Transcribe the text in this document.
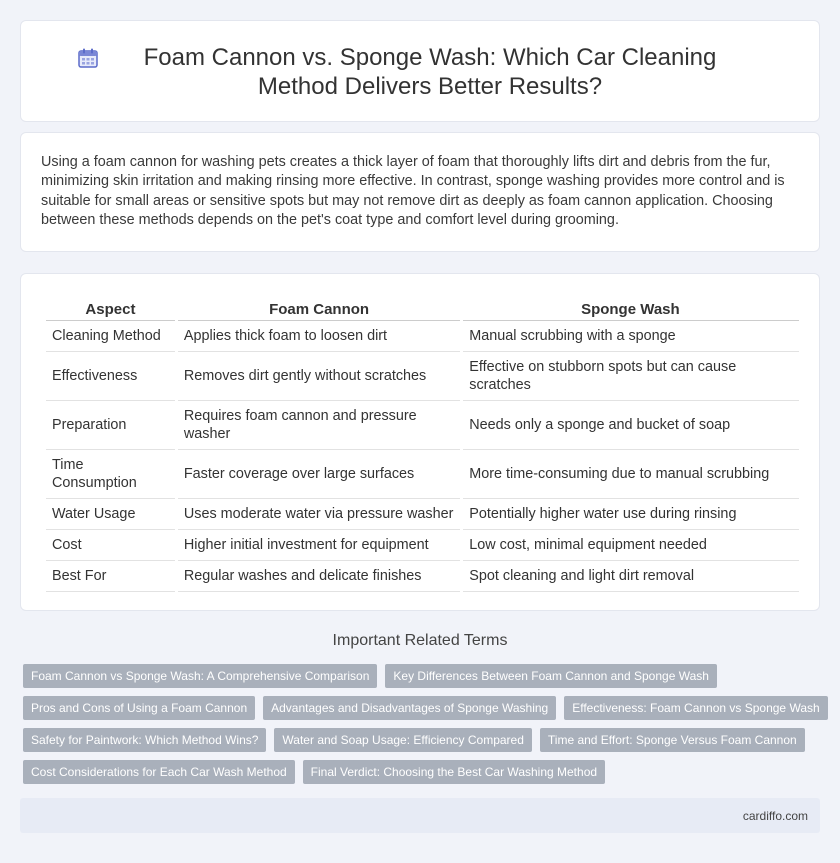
Foam Cannon vs. Sponge Wash: Which Car Cleaning Method Delivers Better Results?

Using a foam cannon for washing pets creates a thick layer of foam that thoroughly lifts dirt and debris from the fur, minimizing skin irritation and making rinsing more effective. In contrast, sponge washing provides more control and is suitable for small areas or sensitive spots but may not remove dirt as deeply as foam cannon application. Choosing between these methods depends on the pet's coat type and comfort level during grooming.

Aspect	Foam Cannon	Sponge Wash
Cleaning Method	Applies thick foam to loosen dirt	Manual scrubbing with a sponge
Effectiveness	Removes dirt gently without scratches	Effective on stubborn spots but can cause scratches
Preparation	Requires foam cannon and pressure washer	Needs only a sponge and bucket of soap
Time Consumption	Faster coverage over large surfaces	More time-consuming due to manual scrubbing
Water Usage	Uses moderate water via pressure washer	Potentially higher water use during rinsing
Cost	Higher initial investment for equipment	Low cost, minimal equipment needed
Best For	Regular washes and delicate finishes	Spot cleaning and light dirt removal
Important Related Terms
Foam Cannon vs Sponge Wash: A Comprehensive Comparison	Key Differences Between Foam Cannon and Sponge Wash
Pros and Cons of Using a Foam Cannon	Advantages and Disadvantages of Sponge Washing	Effectiveness: Foam Cannon vs Sponge Wash
Safety for Paintwork: Which Method Wins?	Water and Soap Usage: Efficiency Compared	Time and Effort: Sponge Versus Foam Cannon
Cost Considerations for Each Car Wash Method	Final Verdict: Choosing the Best Car Washing Method
cardiffo.com
